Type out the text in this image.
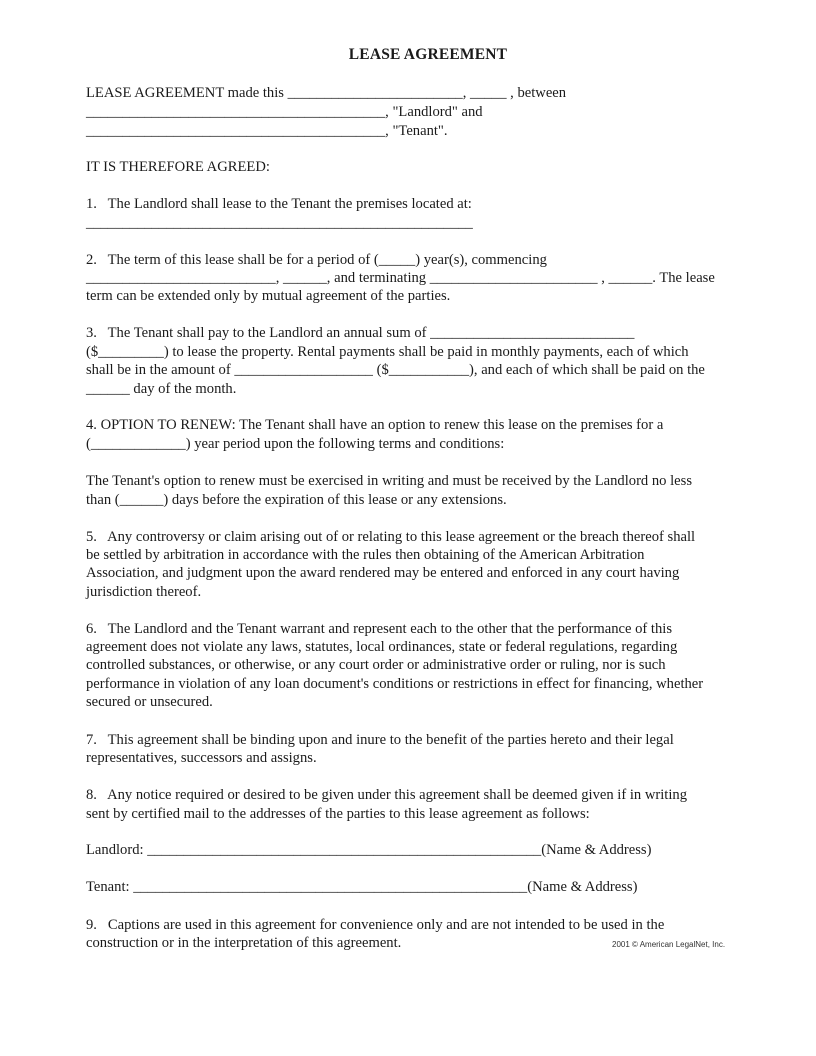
LEASE AGREEMENT
LEASE AGREEMENT made this ________________________, _____ , between
_________________________________________, "Landlord" and
_________________________________________, "Tenant".
IT IS THEREFORE AGREED:
1.   The Landlord shall lease to the Tenant the premises located at:
_____________________________________________________
2.   The term of this lease shall be for a period of (_____) year(s), commencing
__________________________, ______, and terminating _______________________ , ______. The lease
term can be extended only by mutual agreement of the parties.
3.   The Tenant shall pay to the Landlord an annual sum of ____________________________
($_________) to lease the property. Rental payments shall be paid in monthly payments, each of which
shall be in the amount of ___________________ ($___________), and each of which shall be paid on the
______ day of the month.
4. OPTION TO RENEW: The Tenant shall have an option to renew this lease on the premises for a
(_____________) year period upon the following terms and conditions:
The Tenant's option to renew must be exercised in writing and must be received by the Landlord no less
than (______) days before the expiration of this lease or any extensions.
5.   Any controversy or claim arising out of or relating to this lease agreement or the breach thereof shall
be settled by arbitration in accordance with the rules then obtaining of the American Arbitration
Association, and judgment upon the award rendered may be entered and enforced in any court having
jurisdiction thereof.
6.   The Landlord and the Tenant warrant and represent each to the other that the performance of this
agreement does not violate any laws, statutes, local ordinances, state or federal regulations, regarding
controlled substances, or otherwise, or any court order or administrative order or ruling, nor is such
performance in violation of any loan document's conditions or restrictions in effect for financing, whether
secured or unsecured.
7.   This agreement shall be binding upon and inure to the benefit of the parties hereto and their legal
representatives, successors and assigns.
8.   Any notice required or desired to be given under this agreement shall be deemed given if in writing
sent by certified mail to the addresses of the parties to this lease agreement as follows:
Landlord: ______________________________________________________(Name & Address)
Tenant: ______________________________________________________(Name & Address)
9.   Captions are used in this agreement for convenience only and are not intended to be used in the
construction or in the interpretation of this agreement.	2001 © American LegalNet, Inc.
